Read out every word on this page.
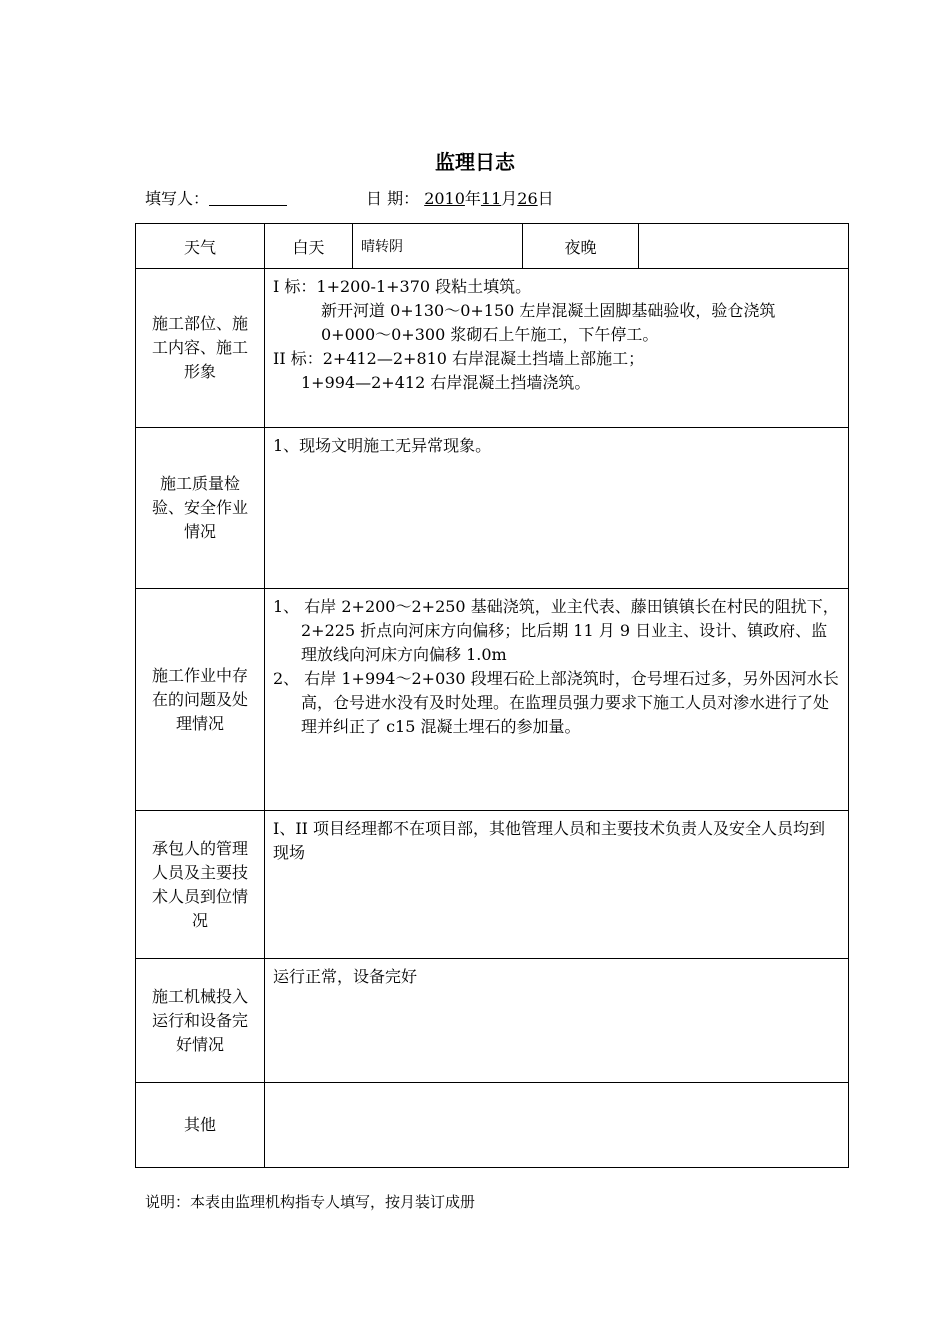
监理日志
填写人：	日 期： 2010年11月26日
天气	白天	晴转阴	夜晚	
施工部位、施工内容、施工形象	I 标：1+200-1+370 段粘土填筑。
新开河道 0+130～0+150 左岸混凝土固脚基础验收，验仓浇筑
0+000～0+300 浆砌石上午施工，下午停工。
II 标：2+412—2+810 右岸混凝土挡墙上部施工；
1+994—2+412 右岸混凝土挡墙浇筑。			

施工质量检验、安全作业情况	1、现场文明施工无异常现象。			

施工作业中存在的问题及处理情况	1、 右岸 2+200～2+250 基础浇筑，业主代表、藤田镇镇长在村民的阻扰下，2+225 折点向河床方向偏移；比后期 11 月 9 日业主、设计、镇政府、监理放线向河床方向偏移 1.0m
2、 右岸 1+994～2+030 段埋石砼上部浇筑时，仓号埋石过多，另外因河水长高，仓号进水没有及时处理。在监理员强力要求下施工人员对渗水进行了处理并纠正了 c15 混凝土埋石的参加量。			

承包人的管理人员及主要技术人员到位情况	I、II 项目经理都不在项目部，其他管理人员和主要技术负责人及安全人员均到现场			

施工机械投入运行和设备完好情况	运行正常，设备完好			

其他				
说明：本表由监理机构指专人填写，按月装订成册
